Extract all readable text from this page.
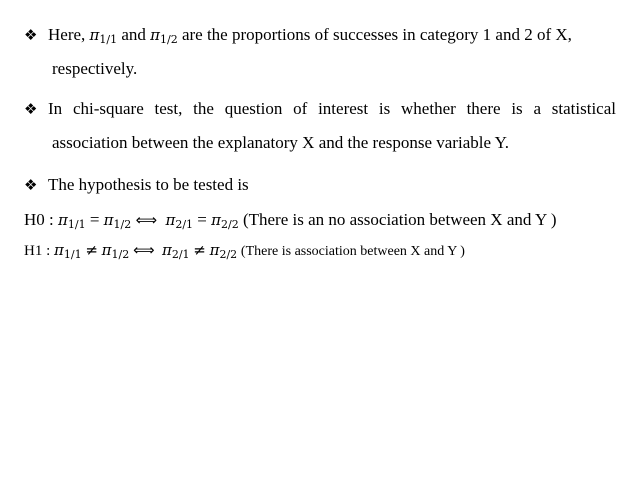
❖ Here, $\pi_{1/1}$ and $\pi_{1/2}$ are the proportions of successes in category 1 and 2 of X,
respectively.
❖ In chi-square test, the question of interest is whether there is a statistical
association between the explanatory X and the response variable Y.
❖ The hypothesis to be tested is
H0 : $\pi_{1/1} = \pi_{1/2}$ ⟺ $\pi_{2/1} = \pi_{2/2}$ (There is an no association between X and Y )
H1 : $\pi_{1/1} \ne \pi_{1/2}$ ⟺ $\pi_{2/1} \ne \pi_{2/2}$ (There is association between X and Y )
